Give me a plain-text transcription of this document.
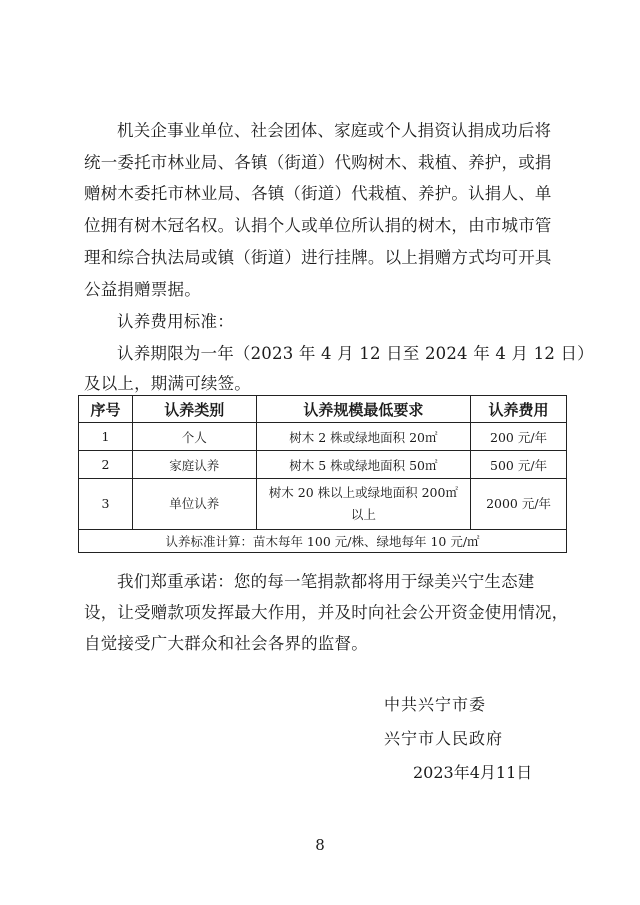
机关企事业单位、社会团体、家庭或个人捐资认捐成功后将
统一委托市林业局、各镇（街道）代购树木、栽植、养护，或捐
赠树木委托市林业局、各镇（街道）代栽植、养护。认捐人、单
位拥有树木冠名权。认捐个人或单位所认捐的树木，由市城市管
理和综合执法局或镇（街道）进行挂牌。以上捐赠方式均可开具
公益捐赠票据。
认养费用标准：
认养期限为一年（2023 年 4 月 12 日至 2024 年 4 月 12 日）
及以上，期满可续签。
序号	认养类别	认养规模最低要求	认养费用
1	个人	树木 2 株或绿地面积 20㎡	200 元/年
2	家庭认养	树木 5 株或绿地面积 50㎡	500 元/年
3	单位认养	树木 20 株以上或绿地面积 200㎡以上	2000 元/年
认养标准计算：苗木每年 100 元/株、绿地每年 10 元/㎡			
我们郑重承诺：您的每一笔捐款都将用于绿美兴宁生态建
设，让受赠款项发挥最大作用，并及时向社会公开资金使用情况，
自觉接受广大群众和社会各界的监督。
中共兴宁市委
兴宁市人民政府
2023年4月11日
8
